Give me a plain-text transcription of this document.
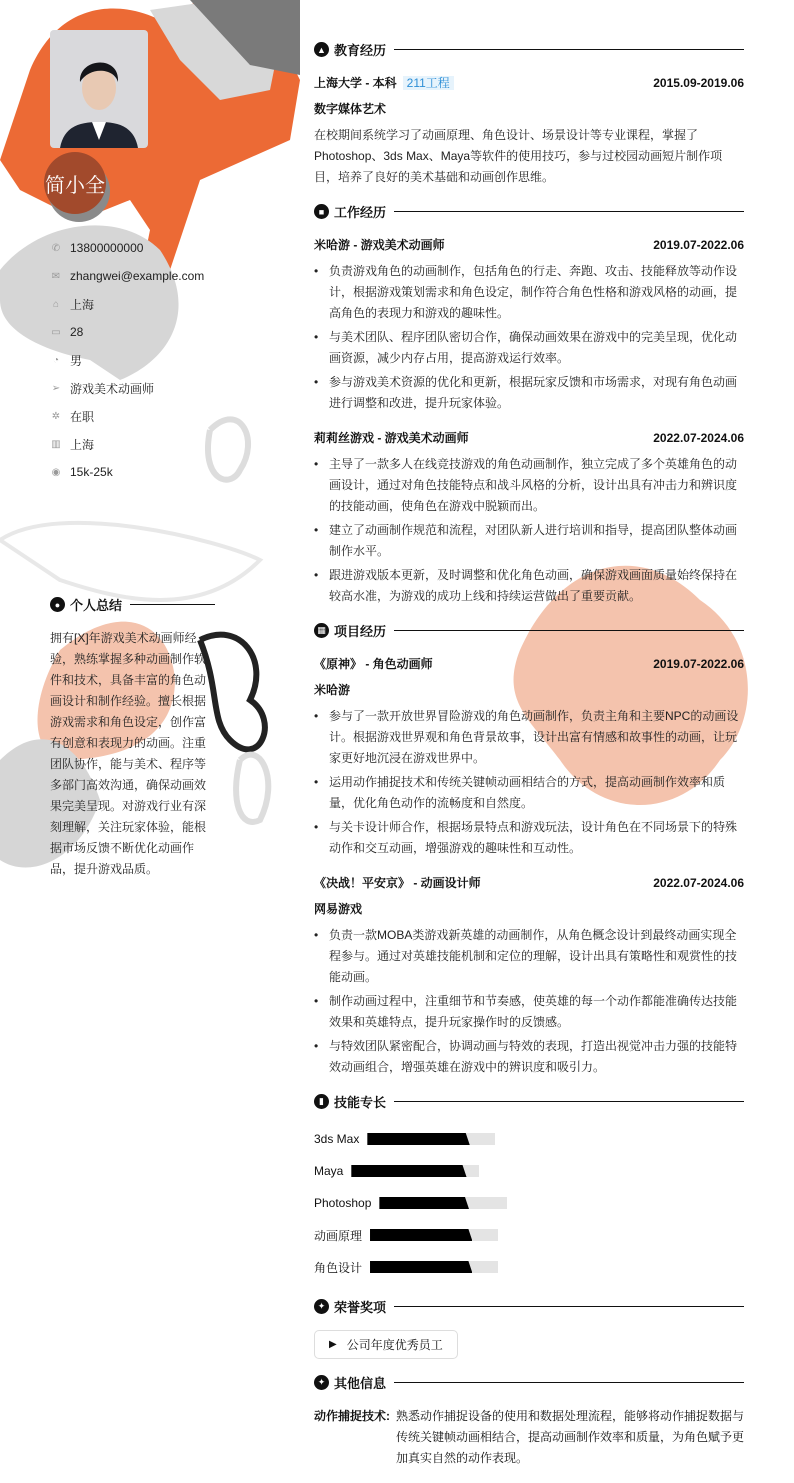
简小全
✆ 13800000000
✉ zhangwei@example.com
⌂ 上海
▭ 28
◔ 男
➢ 游戏美术动画师
✲ 在职
▥ 上海
◉ 15k-25k
● 个人总结
拥有[X]年游戏美术动画师经验，熟练掌握多种动画制作软件和技术，具备丰富的角色动画设计和制作经验。擅长根据游戏需求和角色设定，创作富有创意和表现力的动画。注重团队协作，能与美术、程序等多部门高效沟通，确保动画效果完美呈现。对游戏行业有深刻理解，关注玩家体验，能根据市场反馈不断优化动画作品，提升游戏品质。
▲ 教育经历
上海大学 - 本科 211工程	2015.09-2019.06
数字媒体艺术
在校期间系统学习了动画原理、角色设计、场景设计等专业课程，掌握了Photoshop、3ds Max、Maya等软件的使用技巧，参与过校园动画短片制作项目，培养了良好的美术基础和动画创作思维。
■ 工作经历
米哈游 - 游戏美术动画师	2019.07-2022.06
• 负责游戏角色的动画制作，包括角色的行走、奔跑、攻击、技能释放等动作设计，根据游戏策划需求和角色设定，制作符合角色性格和游戏风格的动画，提高角色的表现力和游戏的趣味性。
• 与美术团队、程序团队密切合作，确保动画效果在游戏中的完美呈现，优化动画资源，减少内存占用，提高游戏运行效率。
• 参与游戏美术资源的优化和更新，根据玩家反馈和市场需求，对现有角色动画进行调整和改进，提升玩家体验。
莉莉丝游戏 - 游戏美术动画师	2022.07-2024.06
• 主导了一款多人在线竞技游戏的角色动画制作，独立完成了多个英雄角色的动画设计，通过对角色技能特点和战斗风格的分析，设计出具有冲击力和辨识度的技能动画，使角色在游戏中脱颖而出。
• 建立了动画制作规范和流程，对团队新人进行培训和指导，提高团队整体动画制作水平。
• 跟进游戏版本更新，及时调整和优化角色动画，确保游戏画面质量始终保持在较高水准，为游戏的成功上线和持续运营做出了重要贡献。
▦ 项目经历
《原神》 - 角色动画师	2019.07-2022.06
米哈游
• 参与了一款开放世界冒险游戏的角色动画制作，负责主角和主要NPC的动画设计。根据游戏世界观和角色背景故事，设计出富有情感和故事性的动画，让玩家更好地沉浸在游戏世界中。
• 运用动作捕捉技术和传统关键帧动画相结合的方式，提高动画制作效率和质量，优化角色动作的流畅度和自然度。
• 与关卡设计师合作，根据场景特点和游戏玩法，设计角色在不同场景下的特殊动作和交互动画，增强游戏的趣味性和互动性。
《决战！平安京》 - 动画设计师	2022.07-2024.06
网易游戏
• 负责一款MOBA类游戏新英雄的动画制作，从角色概念设计到最终动画实现全程参与。通过对英雄技能机制和定位的理解，设计出具有策略性和观赏性的技能动画。
• 制作动画过程中，注重细节和节奏感，使英雄的每一个动作都能准确传达技能效果和英雄特点，提升玩家操作时的反馈感。
• 与特效团队紧密配合，协调动画与特效的表现，打造出视觉冲击力强的技能特效动画组合，增强英雄在游戏中的辨识度和吸引力。
▮ 技能专长
3ds Max
Maya
Photoshop
动画原理
角色设计
✦ 荣誉奖项
▶ 公司年度优秀员工
✦ 其他信息
动作捕捉技术: 熟悉动作捕捉设备的使用和数据处理流程，能够将动作捕捉数据与传统关键帧动画相结合，提高动画制作效率和质量，为角色赋予更加真实自然的动作表现。
